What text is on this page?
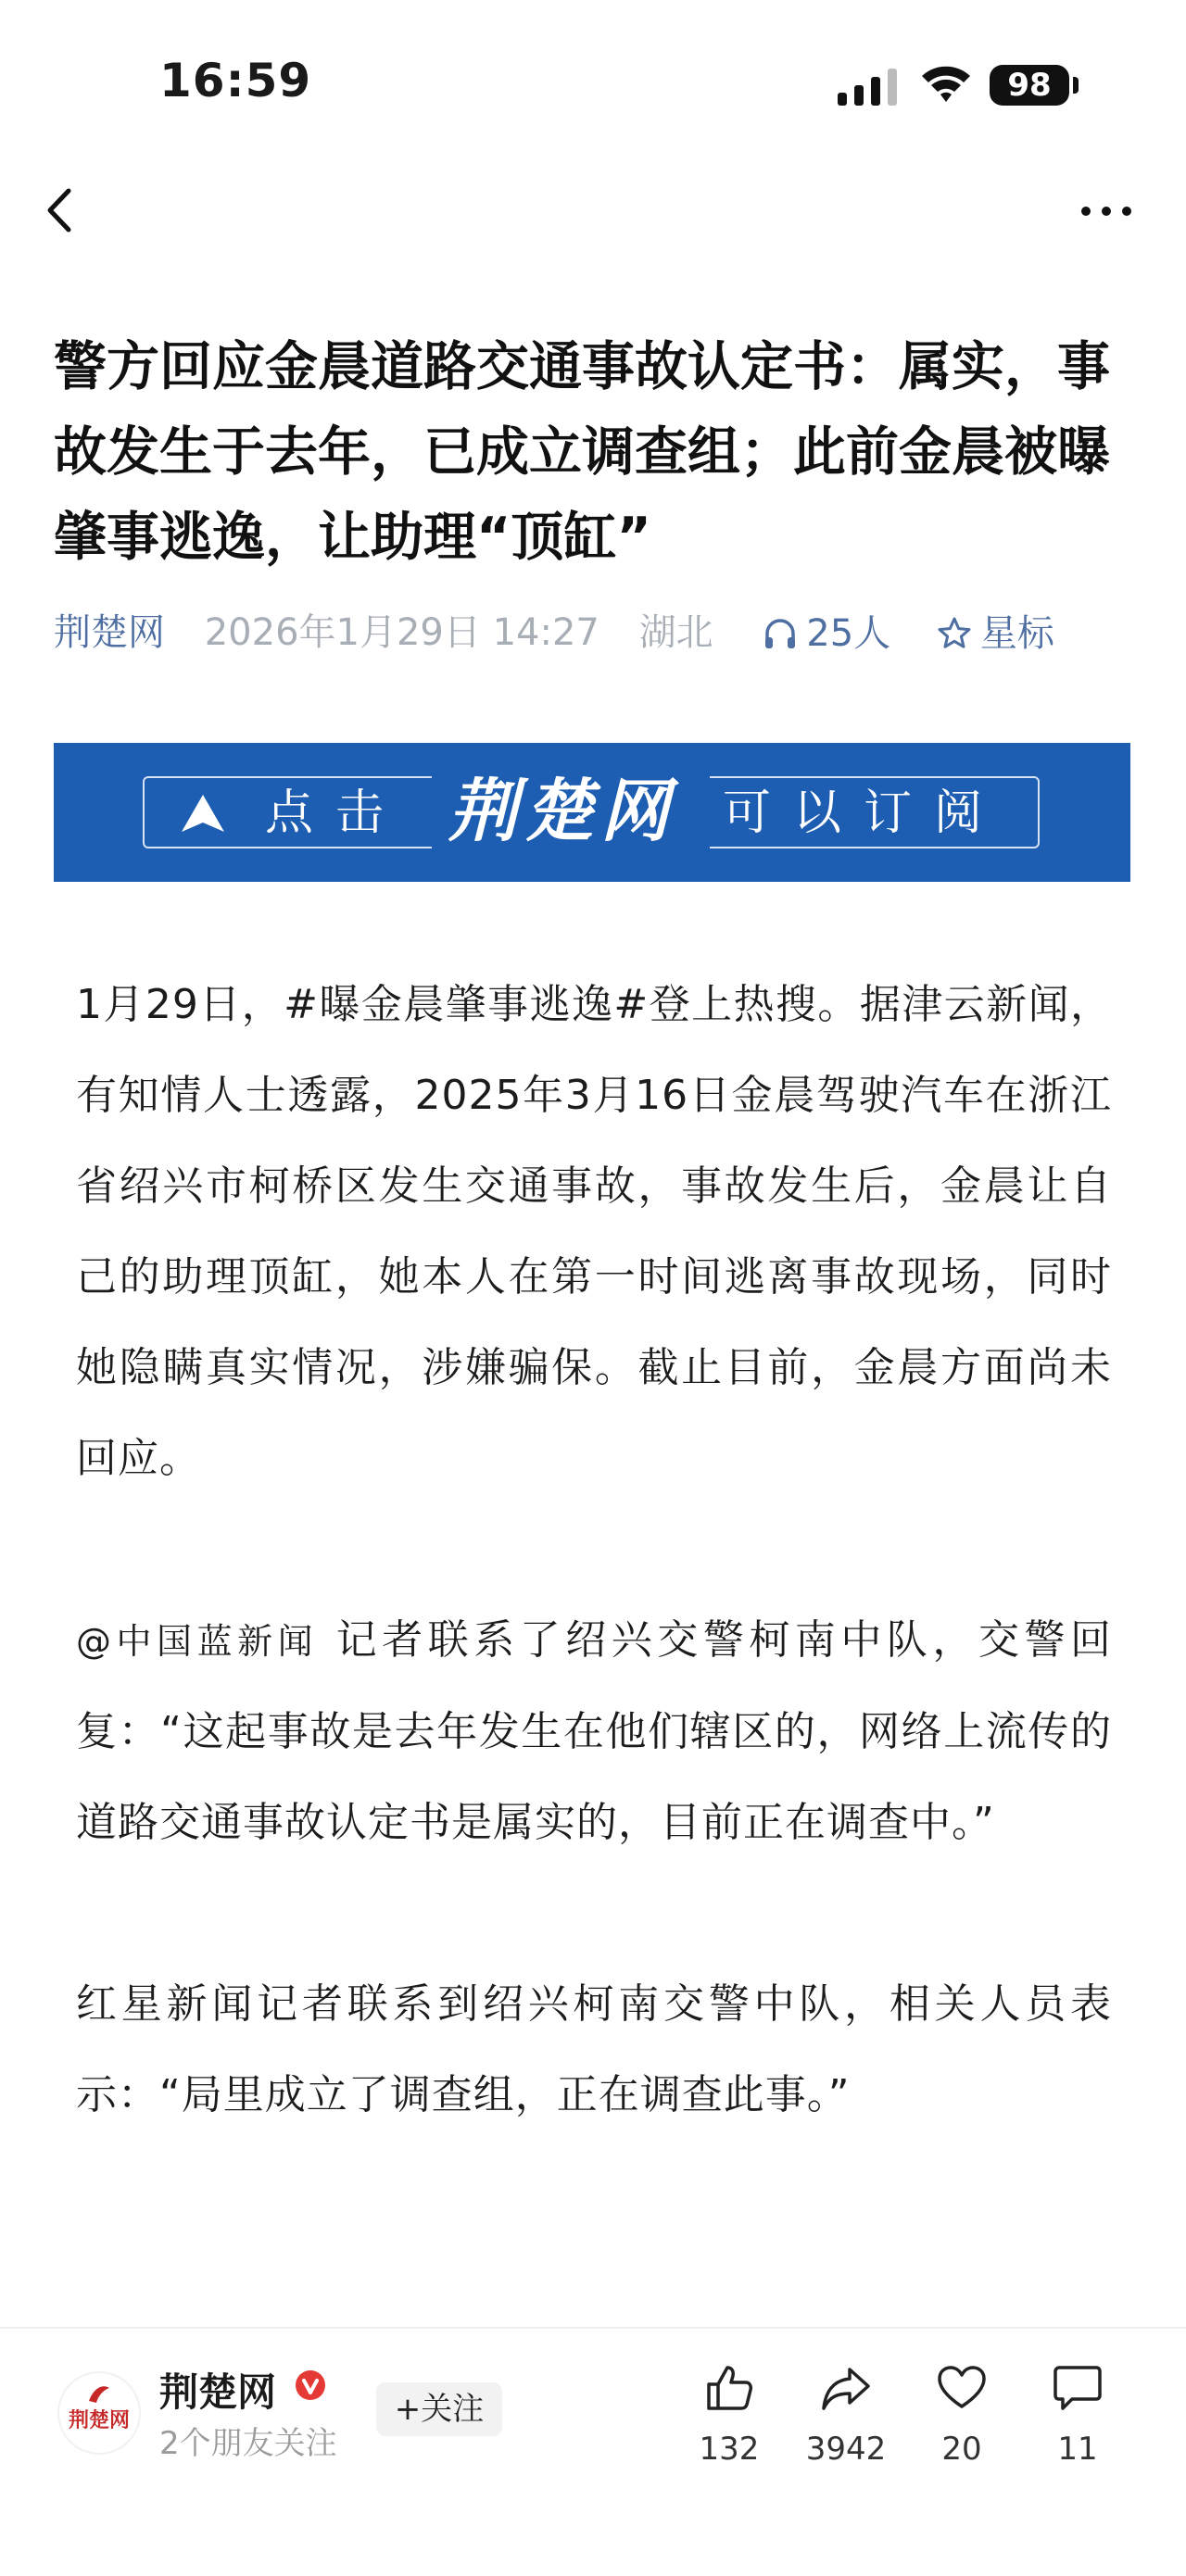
16:59	98
警方回应金晨道路交通事故认定书：属实，事故发生于去年，已成立调查组；此前金晨被曝肇事逃逸，让助理“顶缸”
荆楚网 2026年1月29日 14:27 湖北	25人 星标
点击 荆楚网 可以订阅

1月29日，#曝金晨肇事逃逸#登上热搜。据津云新闻，有知情人士透露，2025年3月16日金晨驾驶汽车在浙江省绍兴市柯桥区发生交通事故，事故发生后，金晨让自己的助理顶缸，她本人在第一时间逃离事故现场，同时她隐瞒真实情况，涉嫌骗保。截止目前，金晨方面尚未回应。

@中国蓝新闻 记者联系了绍兴交警柯南中队，交警回复：“这起事故是去年发生在他们辖区的，网络上流传的道路交通事故认定书是属实的，目前正在调查中。”

红星新闻记者联系到绍兴柯南交警中队，相关人员表示：“局里成立了调查组，正在调查此事。”

荆楚网
荆楚网
2个朋友关注
+关注
132	3942	20	11
